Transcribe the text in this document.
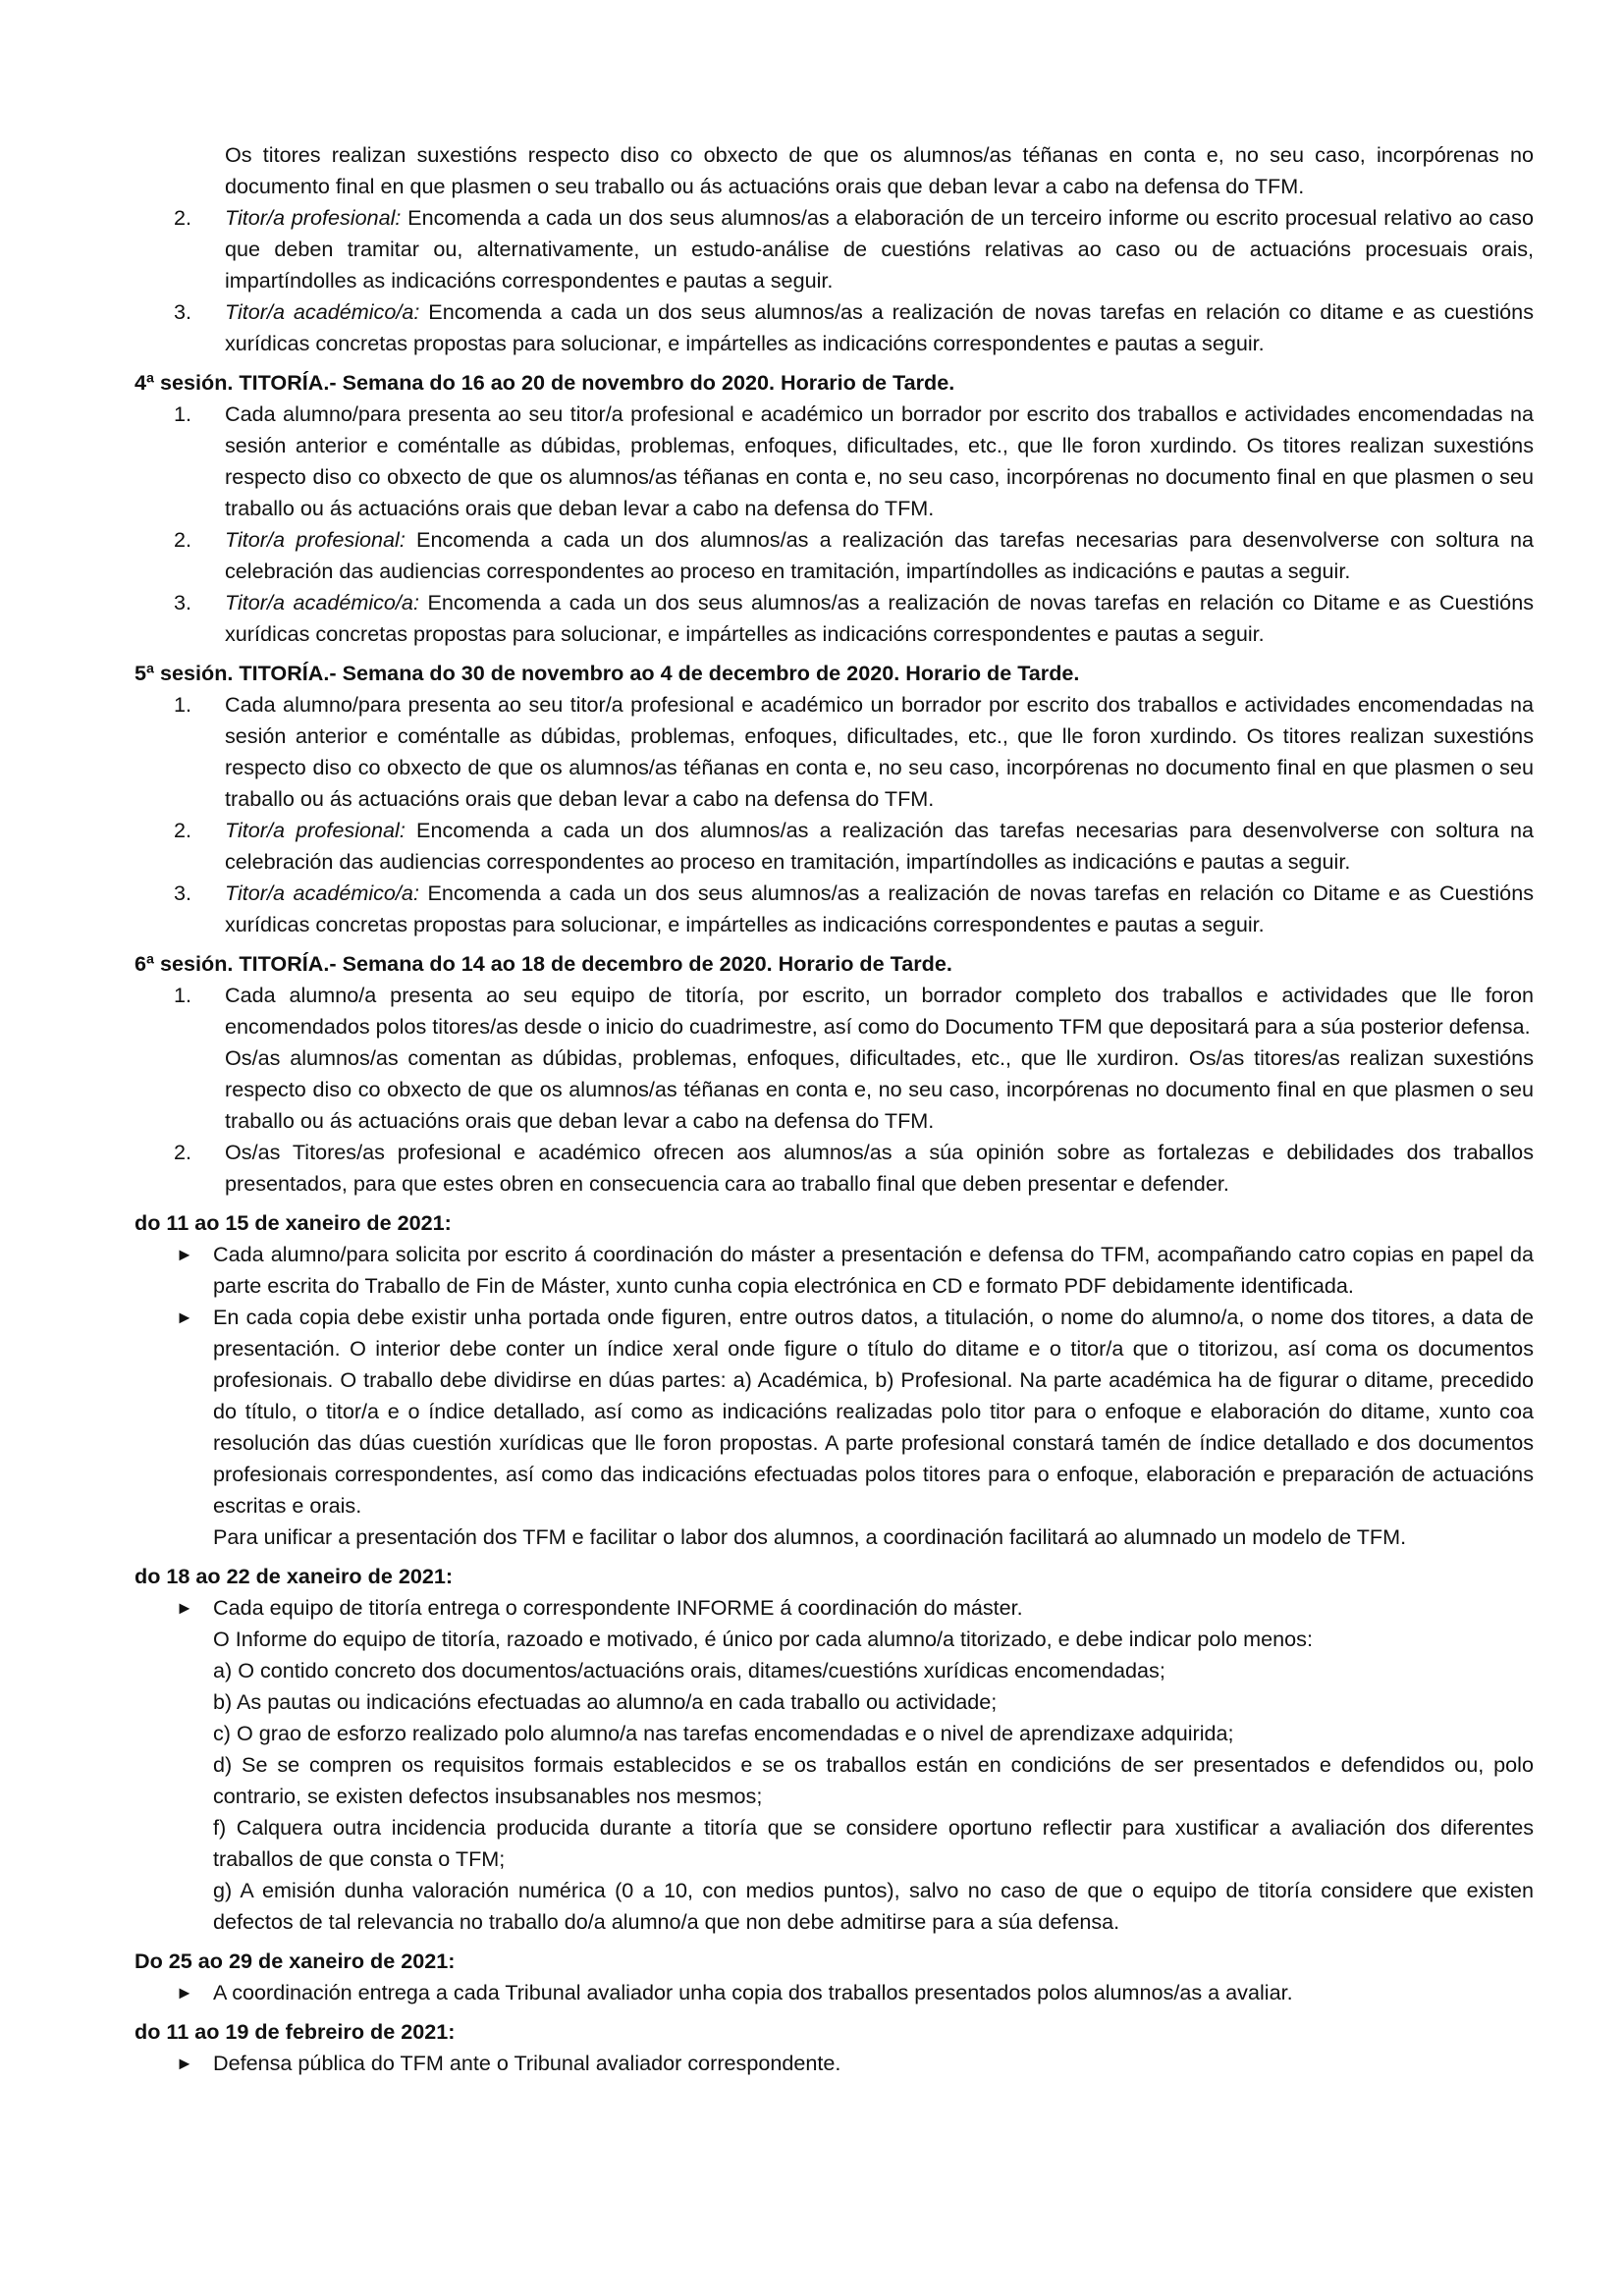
Os titores realizan suxestións respecto diso co obxecto de que os alumnos/as téñanas en conta e, no seu caso, incorpórenas no documento final en que plasmen o seu traballo ou ás actuacións orais que deban levar a cabo na defensa do TFM.

2. Titor/a profesional: Encomenda a cada un dos seus alumnos/as a elaboración de un terceiro informe ou escrito procesual relativo ao caso que deben tramitar ou, alternativamente, un estudo-análise de cuestións relativas ao caso ou de actuacións procesuais orais, impartíndolles as indicacións correspondentes e pautas a seguir.
3. Titor/a académico/a: Encomenda a cada un dos seus alumnos/as a realización de novas tarefas en relación co ditame e as cuestións xurídicas concretas propostas para solucionar, e impártelles as indicacións correspondentes e pautas a seguir.

4ª sesión. TITORÍA.- Semana do 16 ao 20 de novembro do 2020. Horario de Tarde.

1. Cada alumno/para presenta ao seu titor/a profesional e académico un borrador por escrito dos traballos e actividades encomendadas na sesión anterior e coméntalle as dúbidas, problemas, enfoques, dificultades, etc., que lle foron xurdindo. Os titores realizan suxestións respecto diso co obxecto de que os alumnos/as téñanas en conta e, no seu caso, incorpórenas no documento final en que plasmen o seu traballo ou ás actuacións orais que deban levar a cabo na defensa do TFM.
2. Titor/a profesional: Encomenda a cada un dos alumnos/as a realización das tarefas necesarias para desenvolverse con soltura na celebración das audiencias correspondentes ao proceso en tramitación, impartíndolles as indicacións e pautas a seguir.
3. Titor/a académico/a: Encomenda a cada un dos seus alumnos/as a realización de novas tarefas en relación co Ditame e as Cuestións xurídicas concretas propostas para solucionar, e impártelles as indicacións correspondentes e pautas a seguir.

5ª sesión. TITORÍA.- Semana do 30 de novembro ao 4 de decembro de 2020. Horario de Tarde.

1. Cada alumno/para presenta ao seu titor/a profesional e académico un borrador por escrito dos traballos e actividades encomendadas na sesión anterior e coméntalle as dúbidas, problemas, enfoques, dificultades, etc., que lle foron xurdindo. Os titores realizan suxestións respecto diso co obxecto de que os alumnos/as téñanas en conta e, no seu caso, incorpórenas no documento final en que plasmen o seu traballo ou ás actuacións orais que deban levar a cabo na defensa do TFM.
2. Titor/a profesional: Encomenda a cada un dos alumnos/as a realización das tarefas necesarias para desenvolverse con soltura na celebración das audiencias correspondentes ao proceso en tramitación, impartíndolles as indicacións e pautas a seguir.
3. Titor/a académico/a: Encomenda a cada un dos seus alumnos/as a realización de novas tarefas en relación co Ditame e as Cuestións xurídicas concretas propostas para solucionar, e impártelles as indicacións correspondentes e pautas a seguir.

6ª sesión. TITORÍA.- Semana do 14 ao 18 de decembro de 2020. Horario de Tarde.

1. Cada alumno/a presenta ao seu equipo de titoría, por escrito, un borrador completo dos traballos e actividades que lle foron encomendados polos titores/as desde o inicio do cuadrimestre, así como do Documento TFM que depositará para a súa posterior defensa.

Os/as alumnos/as comentan as dúbidas, problemas, enfoques, dificultades, etc., que lle xurdiron. Os/as titores/as realizan suxestións respecto diso co obxecto de que os alumnos/as téñanas en conta e, no seu caso, incorpórenas no documento final en que plasmen o seu traballo ou ás actuacións orais que deban levar a cabo na defensa do TFM.

2. Os/as Titores/as profesional e académico ofrecen aos alumnos/as a súa opinión sobre as fortalezas e debilidades dos traballos presentados, para que estes obren en consecuencia cara ao traballo final que deben presentar e defender.

do 11 ao 15 de xaneiro de 2021:

► Cada alumno/para solicita por escrito á coordinación do máster a presentación e defensa do TFM, acompañando catro copias en papel da parte escrita do Traballo de Fin de Máster, xunto cunha copia electrónica en CD e formato PDF debidamente identificada.
► En cada copia debe existir unha portada onde figuren, entre outros datos, a titulación, o nome do alumno/a, o nome dos titores, a data de presentación. O interior debe conter un índice xeral onde figure o título do ditame e o titor/a que o titorizou, así coma os documentos profesionais. O traballo debe dividirse en dúas partes: a) Académica, b) Profesional. Na parte académica ha de figurar o ditame, precedido do título, o titor/a e o índice detallado, así como as indicacións realizadas polo titor para o enfoque e elaboración do ditame, xunto coa resolución das dúas cuestión xurídicas que lle foron propostas. A parte profesional constará tamén de índice detallado e dos documentos profesionais correspondentes, así como das indicacións efectuadas polos titores para o enfoque, elaboración e preparación de actuacións escritas e orais.

Para unificar a presentación dos TFM e facilitar o labor dos alumnos, a coordinación facilitará ao alumnado un modelo de TFM.

do 18 ao 22 de xaneiro de 2021:

► Cada equipo de titoría entrega o correspondente INFORME á coordinación do máster.

O Informe do equipo de titoría, razoado e motivado, é único por cada alumno/a titorizado, e debe indicar polo menos:

a) O contido concreto dos documentos/actuacións orais, ditames/cuestións xurídicas encomendadas;

b) As pautas ou indicacións efectuadas ao alumno/a en cada traballo ou actividade;

c) O grao de esforzo realizado polo alumno/a nas tarefas encomendadas e o nivel de aprendizaxe adquirida;

d) Se se compren os requisitos formais establecidos e se os traballos están en condicións de ser presentados e defendidos ou, polo contrario, se existen defectos insubsanables nos mesmos;

f) Calquera outra incidencia producida durante a titoría que se considere oportuno reflectir para xustificar a avaliación dos diferentes traballos de que consta o TFM;

g) A emisión dunha valoración numérica (0 a 10, con medios puntos), salvo no caso de que o equipo de titoría considere que existen defectos de tal relevancia no traballo do/a alumno/a que non debe admitirse para a súa defensa.

Do 25 ao 29 de xaneiro de 2021:

► A coordinación entrega a cada Tribunal avaliador unha copia dos traballos presentados polos alumnos/as a avaliar.

do 11 ao 19 de febreiro de 2021:

► Defensa pública do TFM ante o Tribunal avaliador correspondente.
